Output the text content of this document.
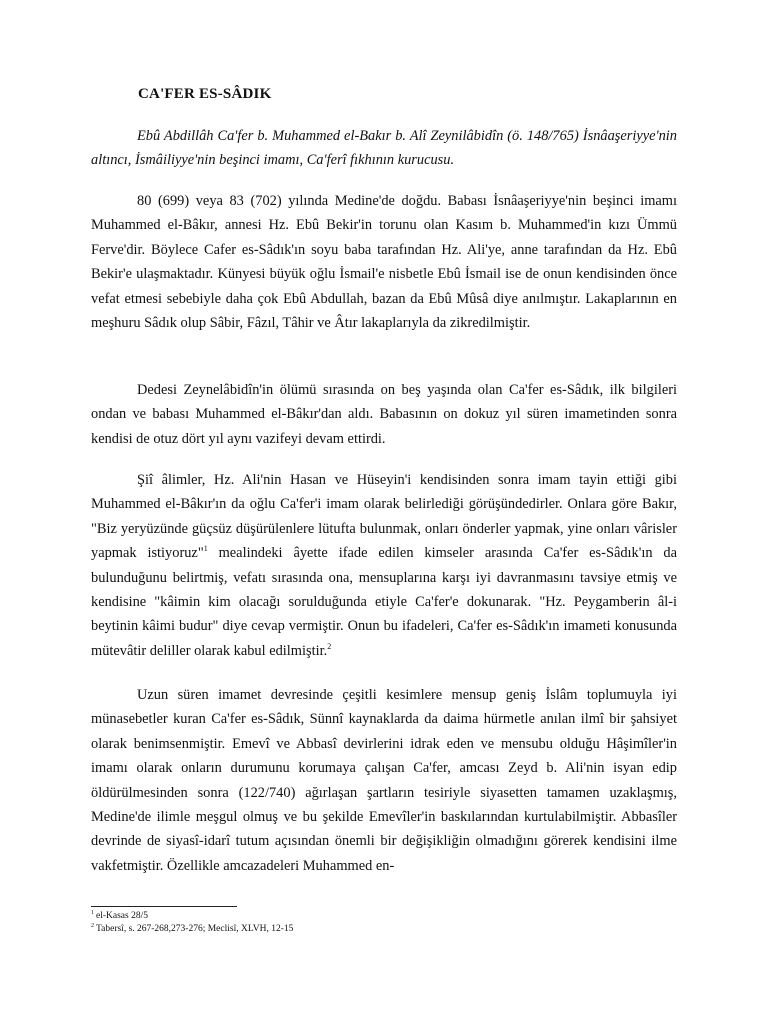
CA'FER ES-SÂDIK

Ebû Abdillâh Ca'fer b. Muhammed el-Bakır b. Alî Zeynilâbidîn (ö. 148/765) İsnâaşeriyye'nin altıncı, İsmâiliyye'nin beşinci imamı, Ca'ferî fıkhının kurucusu.

80 (699) veya 83 (702) yılında Medine'de doğdu. Babası İsnâaşeriyye'nin beşinci imamı Muhammed el-Bâkır, annesi Hz. Ebû Bekir'in torunu olan Kasım b. Muhammed'in kızı Ümmü Ferve'dir. Böylece Cafer es-Sâdık'ın soyu baba tarafından Hz. Ali'ye, anne tarafından da Hz. Ebû Bekir'e ulaşmaktadır. Künyesi büyük oğlu İsmail'e nisbetle Ebû İsmail ise de onun kendisinden önce vefat etmesi sebebiyle daha çok Ebû Abdullah, bazan da Ebû Mûsâ diye anılmıştır. Lakaplarının en meşhuru Sâdık olup Sâbir, Fâzıl, Tâhir ve Âtır lakaplarıyla da zikredilmiştir.

Dedesi Zeynelâbidîn'in ölümü sırasında on beş yaşında olan Ca'fer es-Sâdık, ilk bilgileri ondan ve babası Muhammed el-Bâkır'dan aldı. Babasının on dokuz yıl süren imametinden sonra kendisi de otuz dört yıl aynı vazifeyi devam ettirdi.

Şiî âlimler, Hz. Ali'nin Hasan ve Hüseyin'i kendisinden sonra imam tayin ettiği gibi Muhammed el-Bâkır'ın da oğlu Ca'fer'i imam olarak belirlediği görüşündedirler. Onlara göre Bakır, "Biz yeryüzünde güçsüz düşürülenlere lütufta bulunmak, onları önderler yapmak, yine onları vârisler yapmak istiyoruz"$^1$ mealindeki âyette ifade edilen kimseler arasında Ca'fer es-Sâdık'ın da bulunduğunu belirtmiş, vefatı sırasında ona, mensuplarına karşı iyi davranmasını tavsiye etmiş ve kendisine "kâimin kim olacağı sorulduğunda etiyle Ca'fer'e dokunarak. "Hz. Peygamberin âl-i beytinin kâimi budur" diye cevap vermiştir. Onun bu ifadeleri, Ca'fer es-Sâdık'ın imameti konusunda mütevâtir deliller olarak kabul edilmiştir.$^2$

Uzun süren imamet devresinde çeşitli kesimlere mensup geniş İslâm toplumuyla iyi münasebetler kuran Ca'fer es-Sâdık, Sünnî kaynaklarda da daima hürmetle anılan ilmî bir şahsiyet olarak benimsenmiştir. Emevî ve Abbasî devirlerini idrak eden ve mensubu olduğu Hâşimîler'in imamı olarak onların durumunu korumaya çalışan Ca'fer, amcası Zeyd b. Ali'nin isyan edip öldürülmesinden sonra (122/740) ağırlaşan şartların tesiriyle siyasetten tamamen uzaklaşmış, Medine'de ilimle meşgul olmuş ve bu şekilde Emevîler'in baskılarından kurtulabilmiştir. Abbasîler devrinde de siyasî-idarî tutum açısından önemli bir değişikliğin olmadığını görerek kendisini ilme vakfetmiştir. Özellikle amcazadeleri Muhammed en-

$^1$ el-Kasas 28/5
$^2$ Tabersî, s. 267-268,273-276; Meclisî, XLVH, 12-15
